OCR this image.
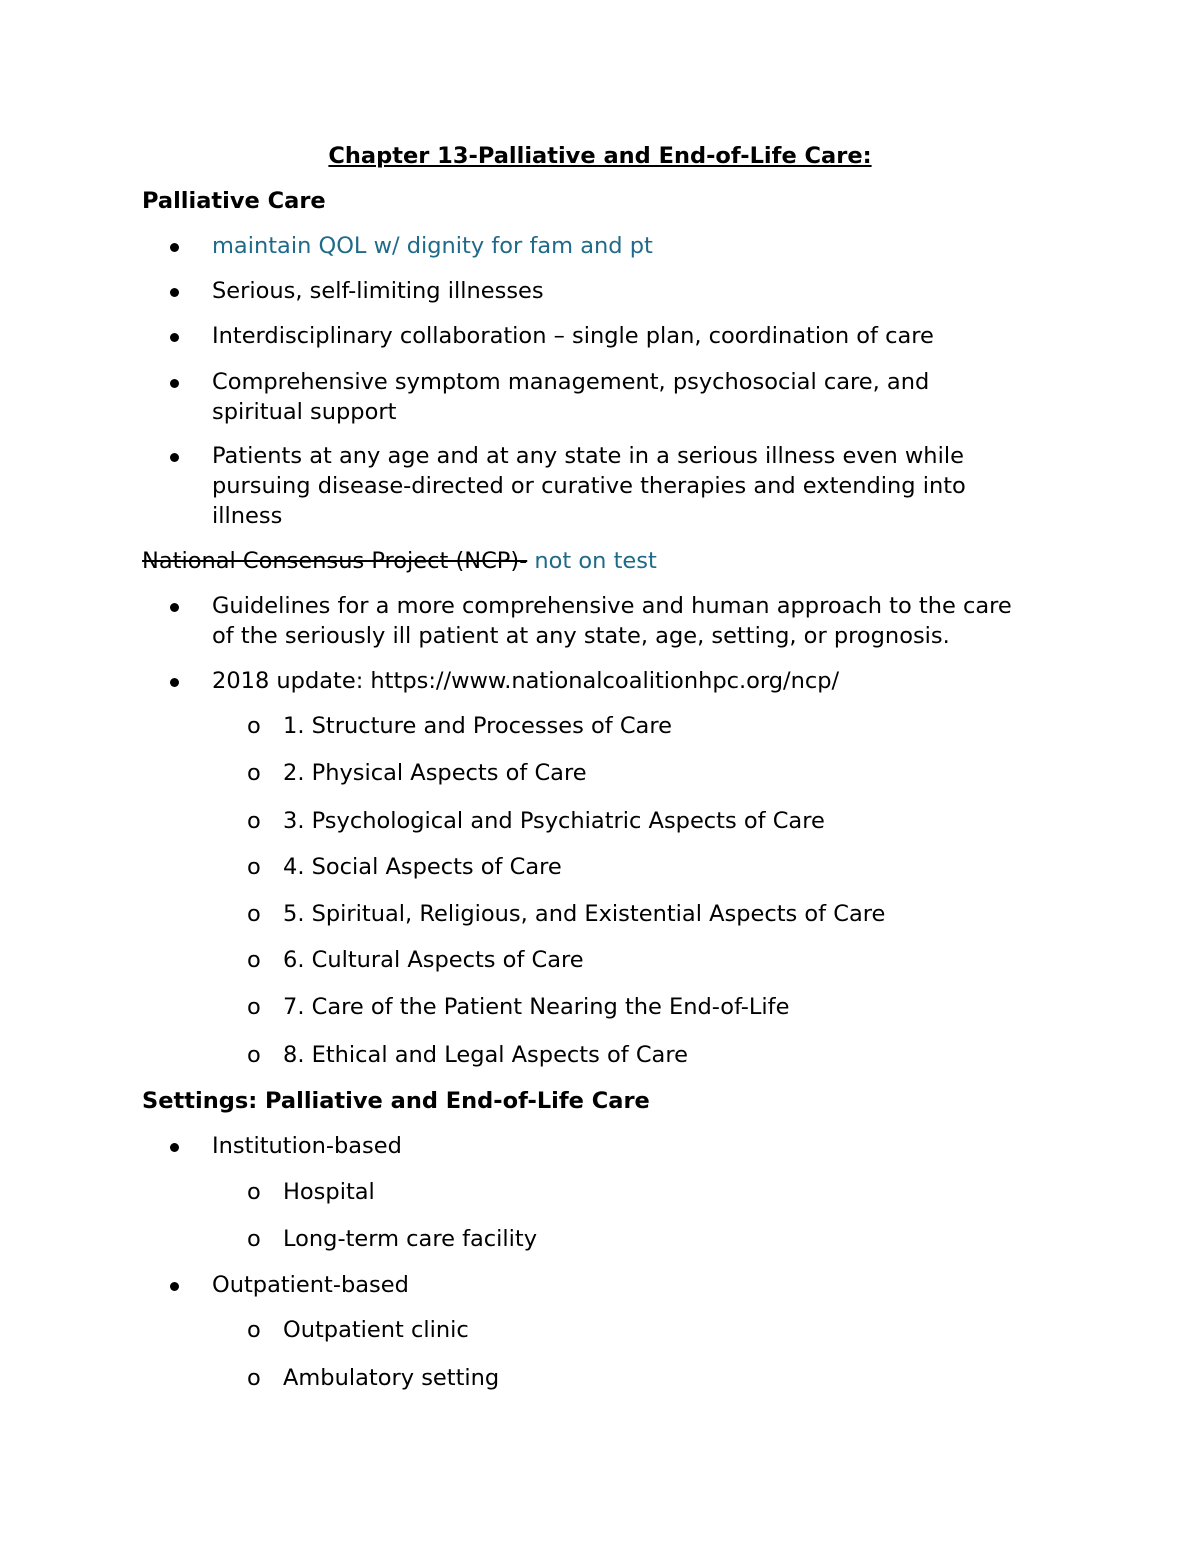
Chapter 13-Palliative and End-of-Life Care:
Palliative Care
maintain QOL w/ dignity for fam and pt
Serious, self-limiting illnesses
Interdisciplinary collaboration – single plan, coordination of care
Comprehensive symptom management, psychosocial care, and
spiritual support
Patients at any age and at any state in a serious illness even while
pursuing disease-directed or curative therapies and extending into
illness
National Consensus Project (NCP)- not on test
Guidelines for a more comprehensive and human approach to the care
of the seriously ill patient at any state, age, setting, or prognosis.
2018 update: https://www.nationalcoalitionhpc.org/ncp/
o 1. Structure and Processes of Care
o 2. Physical Aspects of Care
o 3. Psychological and Psychiatric Aspects of Care
o 4. Social Aspects of Care
o 5. Spiritual, Religious, and Existential Aspects of Care
o 6. Cultural Aspects of Care
o 7. Care of the Patient Nearing the End-of-Life
o 8. Ethical and Legal Aspects of Care
Settings: Palliative and End-of-Life Care
Institution-based
o Hospital
o Long-term care facility
Outpatient-based
o Outpatient clinic
o Ambulatory setting
